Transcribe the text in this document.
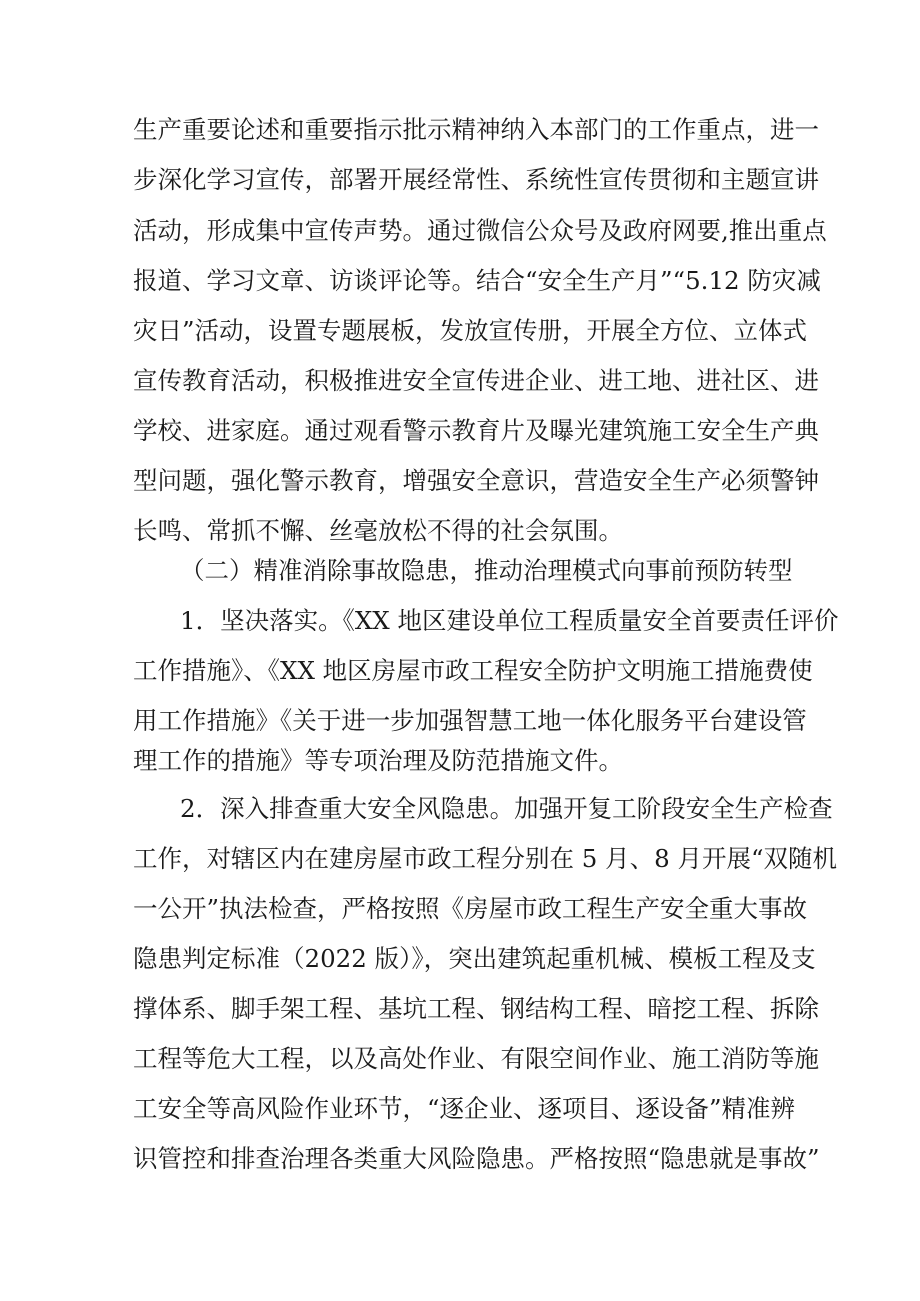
生产重要论述和重要指示批示精神纳入本部门的工作重点，进一
步深化学习宣传，部署开展经常性、系统性宣传贯彻和主题宣讲
活动，形成集中宣传声势。通过微信公众号及政府网要,推出重点
报道、学习文章、访谈评论等。结合“安全生产月”“5.12 防灾减
灾日”活动，设置专题展板，发放宣传册，开展全方位、立体式
宣传教育活动，积极推进安全宣传进企业、进工地、进社区、进
学校、进家庭。通过观看警示教育片及曝光建筑施工安全生产典
型问题，强化警示教育，增强安全意识，营造安全生产必须警钟
长鸣、常抓不懈、丝毫放松不得的社会氛围。
（二）精准消除事故隐患，推动治理模式向事前预防转型
1．坚决落实。《XX 地区建设单位工程质量安全首要责任评价
工作措施》、《XX 地区房屋市政工程安全防护文明施工措施费使
用工作措施》《关于进一步加强智慧工地一体化服务平台建设管
理工作的措施》等专项治理及防范措施文件。
2．深入排查重大安全风隐患。加强开复工阶段安全生产检查
工作，对辖区内在建房屋市政工程分别在 5 月、8 月开展“双随机
一公开”执法检查，严格按照《房屋市政工程生产安全重大事故
隐患判定标准（2022 版）》，突出建筑起重机械、模板工程及支
撑体系、脚手架工程、基坑工程、钢结构工程、暗挖工程、拆除
工程等危大工程，以及高处作业、有限空间作业、施工消防等施
工安全等高风险作业环节，“逐企业、逐项目、逐设备”精准辨
识管控和排查治理各类重大风险隐患。严格按照“隐患就是事故”
